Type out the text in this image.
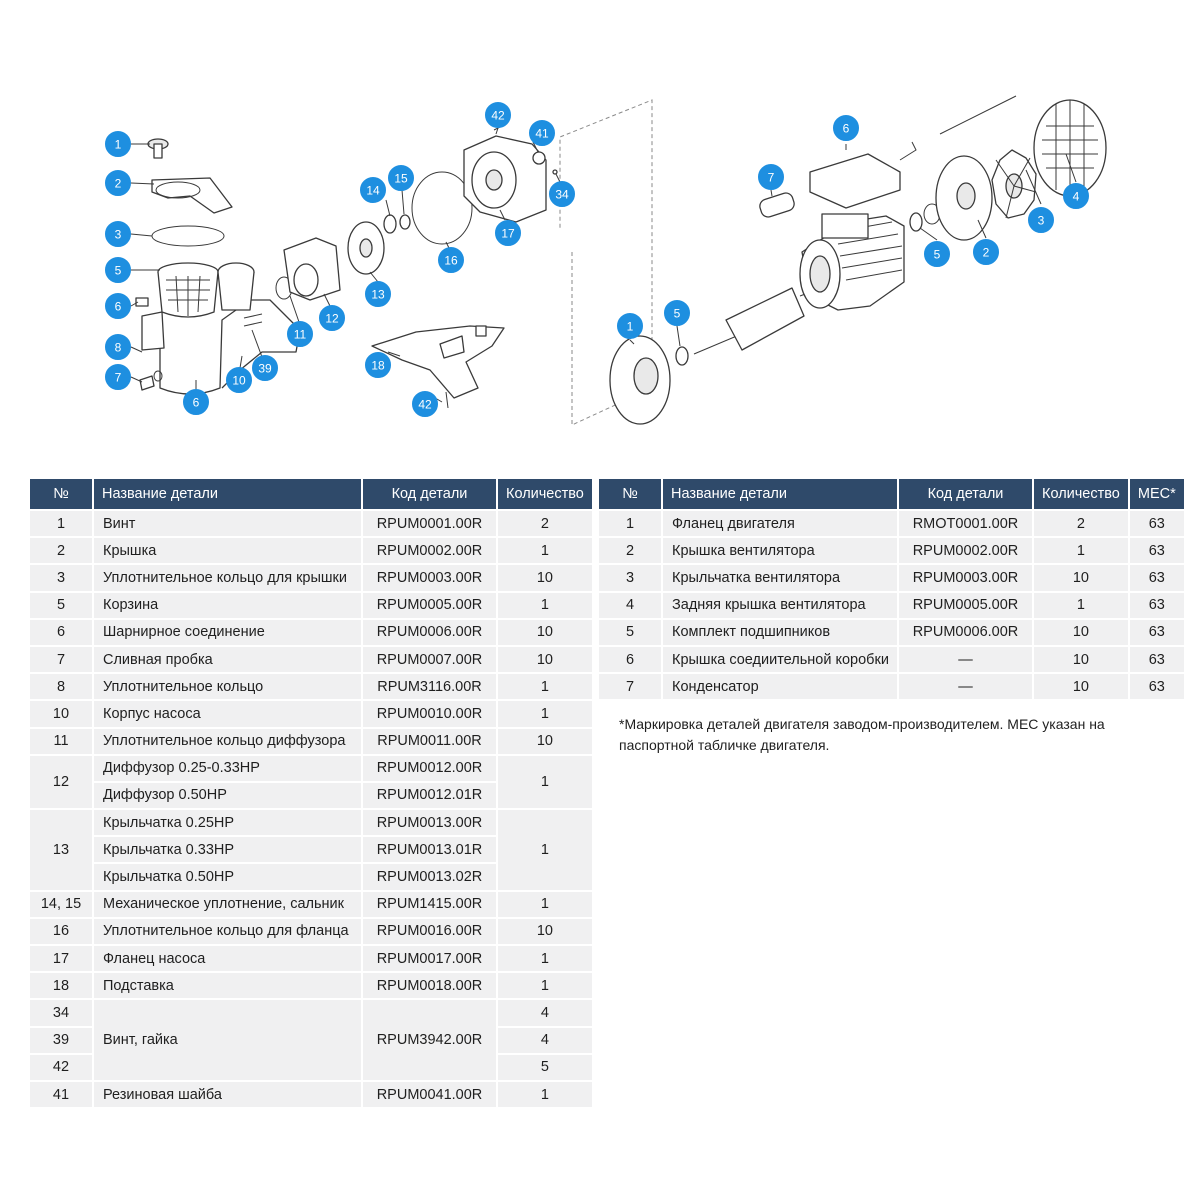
1
2
3
5
6
8
7
6
10
39
11
12
13
14
15
16
17
42
41
34
18
42
6
7
3
4
2
5
1
5
№	Название детали	Код детали	Количество
1	Винт	RPUM0001.00R	2
2	Крышка	RPUM0002.00R	1
3	Уплотнительное кольцо для крышки	RPUM0003.00R	10
5	Корзина	RPUM0005.00R	1
6	Шарнирное соединение	RPUM0006.00R	10
7	Сливная пробка	RPUM0007.00R	10
8	Уплотнительное кольцо	RPUM3116.00R	1
10	Корпус насоса	RPUM0010.00R	1
11	Уплотнительное кольцо диффузора	RPUM0011.00R	10
12	Диффузор 0.25-0.33HP	RPUM0012.00R	1
	Диффузор 0.50HP	RPUM0012.01R	
13	Крыльчатка 0.25HP	RPUM0013.00R	1
	Крыльчатка 0.33HP	RPUM0013.01R	
	Крыльчатка 0.50HP	RPUM0013.02R	
14, 15	Механическое уплотнение, сальник	RPUM1415.00R	1
16	Уплотнительное кольцо для фланца	RPUM0016.00R	10
17	Фланец насоса	RPUM0017.00R	1
18	Подставка	RPUM0018.00R	1
34	Винт, гайка	RPUM3942.00R	4
39			4
42			5
41	Резиновая шайба	RPUM0041.00R	1
№	Название детали	Код детали	Количество	MEC*
1	Фланец двигателя	RMOT0001.00R	2	63
2	Крышка вентилятора	RPUM0002.00R	1	63
3	Крыльчатка вентилятора	RPUM0003.00R	10	63
4	Задняя крышка вентилятора	RPUM0005.00R	1	63
5	Комплект подшипников	RPUM0006.00R	10	63
6	Крышка соедиительной коробки	—	10	63
7	Конденсатор	—	10	63
*Маркировка деталей двигателя заводом-производителем. MEC указан на паспортной табличке двигателя.
